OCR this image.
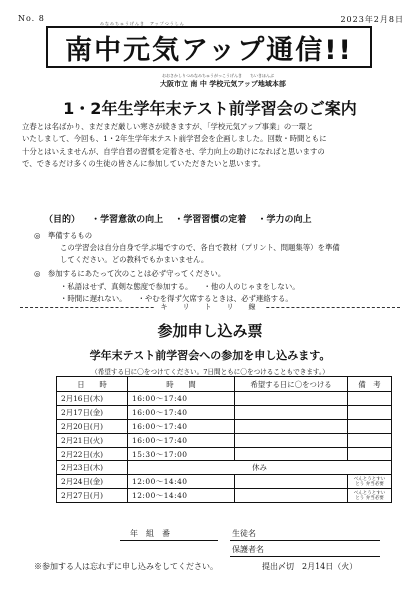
No. 8	2023年2月8日
みなみちゅうげんき　アップつうしん
南中元気アップ通信!!
おおさかしりつみなみちゅうがっこうげんき　　ちいきほんぶ
大阪市立 南 中 学校元気アップ地域本部
1・2年生学年末テスト前学習会のご案内
立春とは名ばかり、まだまだ厳しい寒さが続きますが、「学校元気アップ事業」の一環と
いたしまして、今回も、1・2年生学年末テスト前学習会を企画しました。回数・時間ともに
十分とはいえませんが、自学自習の習慣を定着させ、学力向上の助けになればと思いますの
で、できるだけ多くの生徒の皆さんに参加していただきたいと思います。
（目的） ・学習意欲の向上 ・学習習慣の定着 ・学力の向上
◎　準備するもの
この学習会は自分自身で学ぶ場ですので、各自で教材（プリント、問題集等）を準備
してください。どの教科でもかまいません。
◎　参加するにあたって次のことは必ず守ってください。
・私語はせず、真剣な態度で参加する。　　・他の人のじゃまをしない。
・時間に遅れない。　　・やむを得ず欠席するときは、必ず連絡する。
キ　リ　ト　リ　線
参加申し込み票
学年末テスト前学習会への参加を申し込みます。
（希望する日に〇をつけてください。7日間ともに〇をつけることもできます。）
日　　時	時　　間	希望する日に〇をつける	備　考
2月16日(木)	16:00〜17:40		
2月17日(金)	16:00〜17:40		
2月20日(月)	16:00〜17:40		
2月21日(火)	16:00〜17:40		
2月22日(水)	15:30〜17:00		
2月23日(木)	休み		
2月24日(金)	12:00〜14:40		べんとうとすいとう 弁当必要
2月27日(月)	12:00〜14:40		べんとうとすいとう 弁当必要
年　組　番	生徒名
保護者名
※参加する人は忘れずに申し込みをしてください。	提出〆切　2月14日（火）
